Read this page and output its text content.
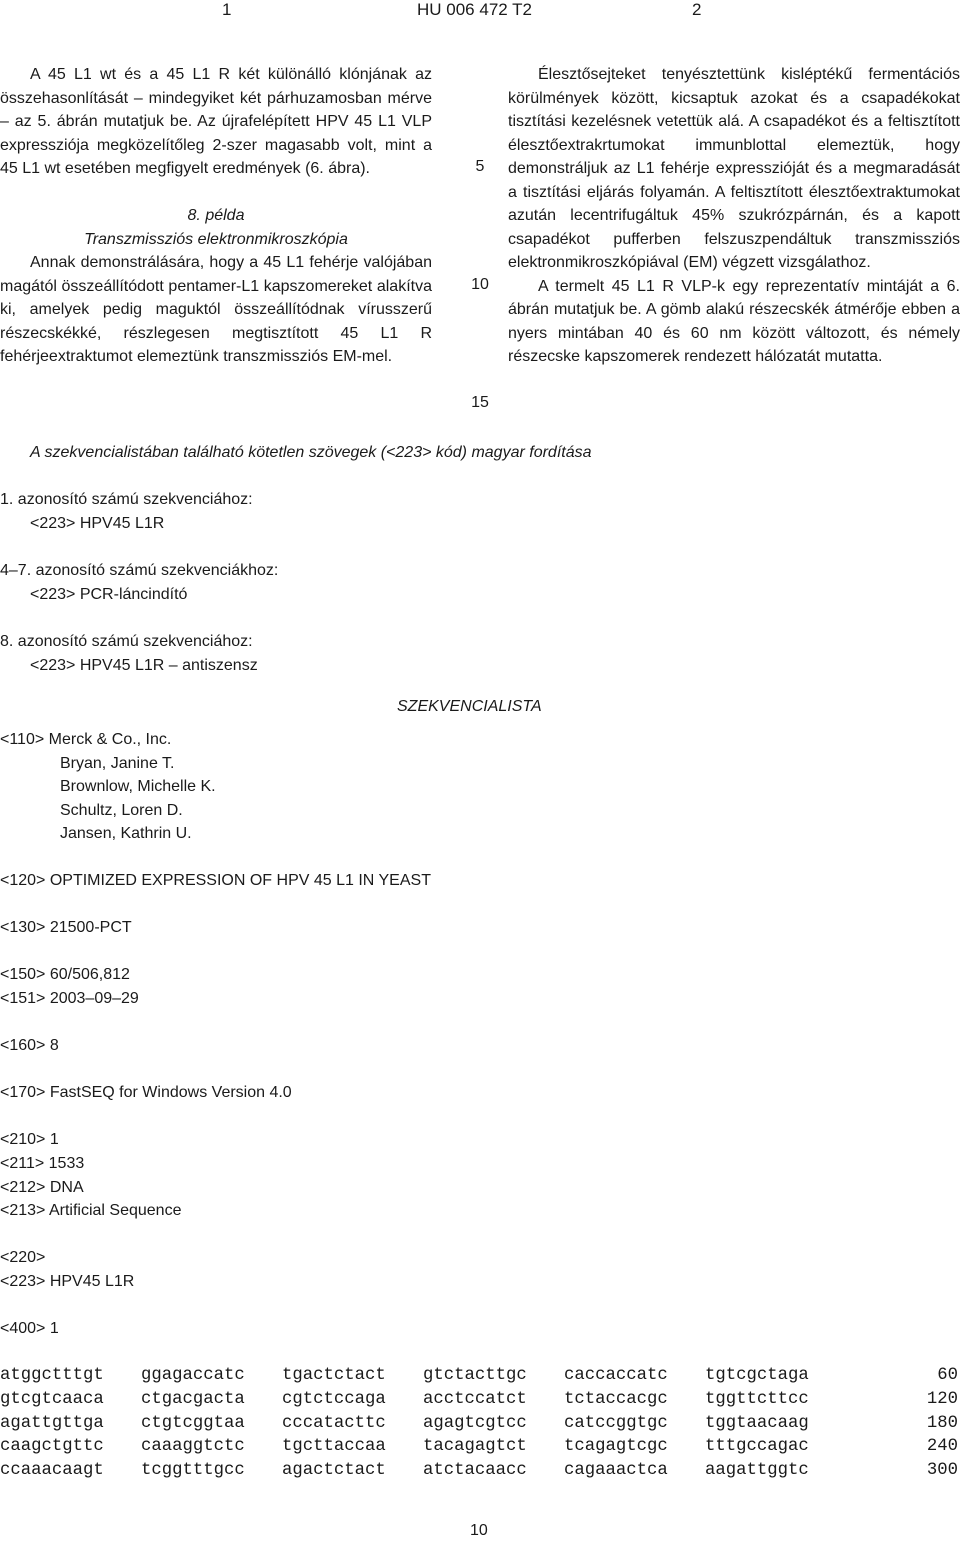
1	HU 006 472 T2	2

A 45 L1 wt és a 45 L1 R két különálló klónjának az összehasonlítását – mindegyiket két párhuzamosban mérve – az 5. ábrán mutatjuk be. Az újrafelépített HPV 45 L1 VLP expressziója megközelítőleg 2-szer magasabb volt, mint a 45 L1 wt esetében megfigyelt eredmények (6. ábra).

8. példa

Transzmissziós elektronmikroszkópia

Annak demonstrálására, hogy a 45 L1 fehérje valójában magától összeállítódott pentamer-L1 kapszomereket alakítva ki, amelyek pedig maguktól összeállítódnak vírusszerű részecskékké, részlegesen megtisztított 45 L1 R fehérjeextraktumot elemeztünk transzmissziós EM-mel.

5
10
15

Élesztősejteket tenyésztettünk kisléptékű fermentációs körülmények között, kicsaptuk azokat és a csapadékokat tisztítási kezelésnek vetettük alá. A csapadékot és a feltisztított élesztőextrakrtumokat immunblottal elemeztük, hogy demonstráljuk az L1 fehérje expresszióját és a megmaradását a tisztítási eljárás folyamán. A feltisztított élesztőextraktumokat azután lecentrifugáltuk 45% szukrózpárnán, és a kapott csapadékot pufferben felszuszpendáltuk transzmissziós elektronmikroszkópiával (EM) végzett vizsgálathoz.

A termelt 45 L1 R VLP-k egy reprezentatív mintáját a 6. ábrán mutatjuk be. A gömb alakú részecskék átmérője ebben a nyers mintában 40 és 60 nm között változott, és némely részecske kapszomerek rendezett hálózatát mutatta.

A szekvencialistában található kötetlen szövegek (<223> kód) magyar fordítása
1. azonosító számú szekvenciához:
<223> HPV45 L1R
4–7. azonosító számú szekvenciákhoz:
<223> PCR-láncindító
8. azonosító számú szekvenciához:
<223> HPV45 L1R – antiszensz
SZEKVENCIALISTA
<110> Merck & Co., Inc.
Bryan, Janine T.
Brownlow, Michelle K.
Schultz, Loren D.
Jansen, Kathrin U.
<120> OPTIMIZED EXPRESSION OF HPV 45 L1 IN YEAST
<130> 21500-PCT
<150> 60/506,812
<151> 2003–09–29
<160> 8
<170> FastSEQ for Windows Version 4.0
<210> 1
<211> 1533
<212> DNA
<213> Artificial Sequence
<220>
<223> HPV45 L1R
<400> 1
atggctttgt ggagaccatc tgactctact gtctacttgc caccaccatc tgtcgctaga	60
gtcgtcaaca ctgacgacta cgtctccaga acctccatct tctaccacgc tggttcttcc	120
agattgttga ctgtcggtaa cccatacttc agagtcgtcc catccggtgc tggtaacaag	180
caagctgttc caaaggtctc tgcttaccaa tacagagtct tcagagtcgc tttgccagac	240
ccaaacaagt tcggtttgcc agactctact atctacaacc cagaaactca aagattggtc	300
10
